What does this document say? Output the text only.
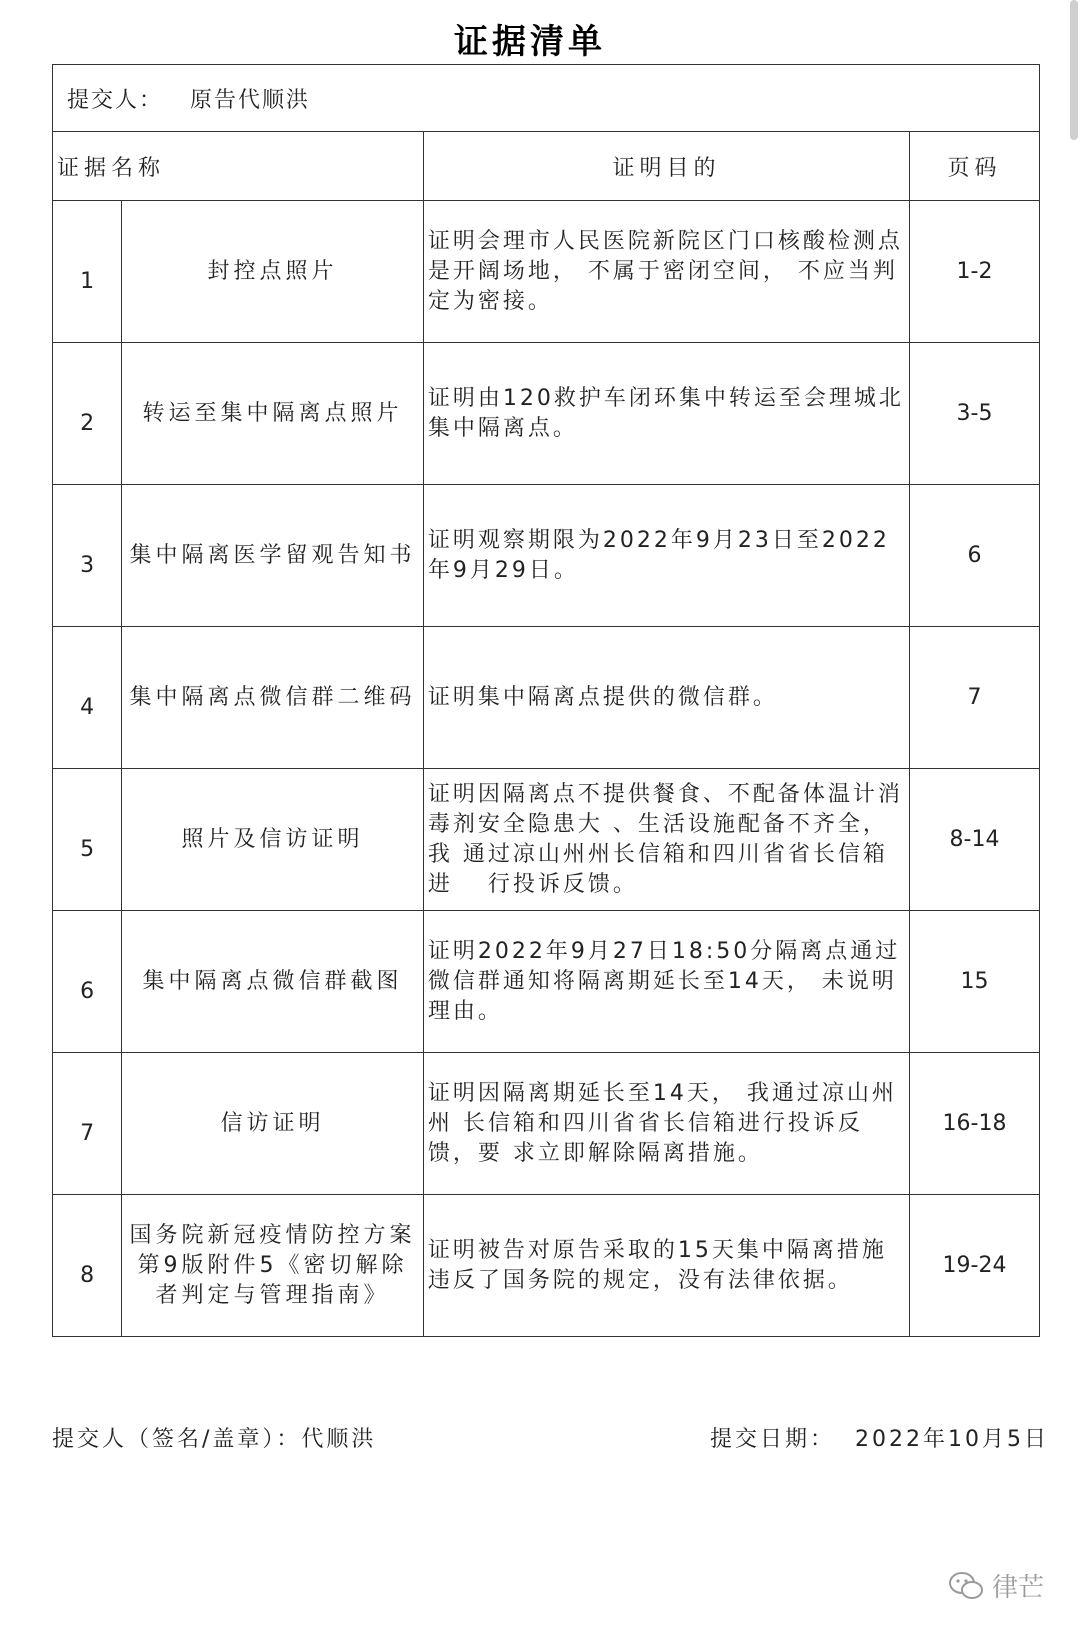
证据清单
提交人： 原告代顺洪			
证据名称		证明目的	页码
1	封控点照片	证明会理市人民医院新院区门口核酸检测点是开阔场地， 不属于密闭空间， 不应当判 定为密接。	1-2
2	转运至集中隔离点照片	证明由120救护车闭环集中转运至会理城北集中隔离点。	3-5
3	集中隔离医学留观告知书	证明观察期限为2022年9月23日至2022年9月29日。	6
4	集中隔离点微信群二维码	证明集中隔离点提供的微信群。	7
5	照片及信访证明	证明因隔离点不提供餐食、不配备体温计消毒剂安全隐患大 、生活设施配备不齐全，我 通过凉山州州长信箱和四川省省长信箱进　 行投诉反馈。	8-14
6	集中隔离点微信群截图	证明2022年9月27日18:50分隔离点通过微信群通知将隔离期延长至14天， 未说明理由。	15
7	信访证明	证明因隔离期延长至14天， 我通过凉山州州 长信箱和四川省省长信箱进行投诉反馈，要 求立即解除隔离措施。	16-18
8	国务院新冠疫情防控方案第9版附件5《密切解除者判定与管理指南》	证明被告对原告采取的15天集中隔离措施违反了国务院的规定，没有法律依据。	19-24
提交人（签名/盖章）：代顺洪	提交日期： 2022年10月5日
律芒
